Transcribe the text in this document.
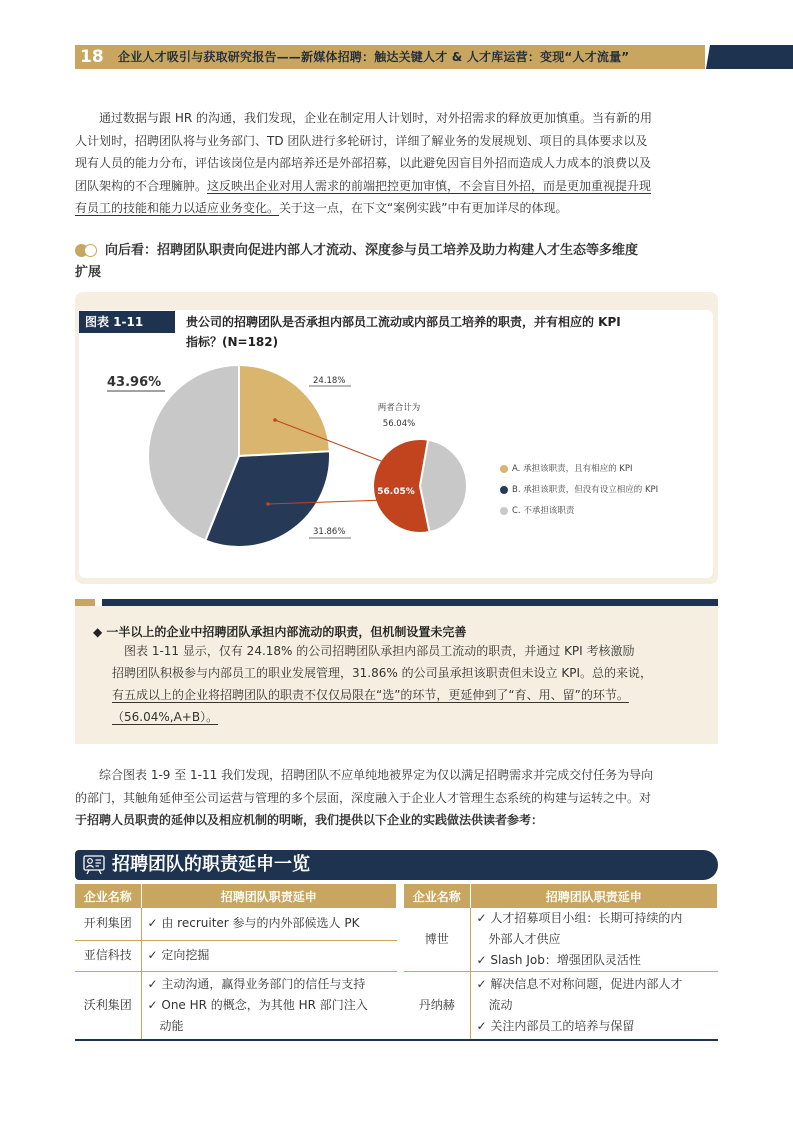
18 企业人才吸引与获取研究报告——新媒体招聘：触达关键人才 & 人才库运营：变现“人才流量”

通过数据与跟 HR 的沟通，我们发现，企业在制定用人计划时，对外招需求的释放更加慎重。当有新的用

人计划时，招聘团队将与业务部门、TD 团队进行多轮研讨，详细了解业务的发展规划、项目的具体要求以及

现有人员的能力分布，评估该岗位是内部培养还是外部招募，以此避免因盲目外招而造成人力成本的浪费以及

团队架构的不合理臃肿。这反映出企业对用人需求的前端把控更加审慎，不会盲目外招，而是更加重视提升现

有员工的技能和能力以适应业务变化。关于这一点，在下文“案例实践”中有更加详尽的体现。

向后看：招聘团队职责向促进内部人才流动、深度参与员工培养及助力构建人才生态等多维度
扩展
图表 1-11	贵公司的招聘团队是否承担内部员工流动或内部员工培养的职责，并有相应的 KPI
指标？(N=182)
43.96%	24.18%
31.86%
两者合计为
56.04%
56.05%
A. 承担该职责，且有相应的 KPI
B. 承担该职责，但没有设立相应的 KPI
C. 不承担该职责
◆ 一半以上的企业中招聘团队承担内部流动的职责，但机制设置未完善

图表 1-11 显示，仅有 24.18% 的公司招聘团队承担内部员工流动的职责，并通过 KPI 考核激励

招聘团队积极参与内部员工的职业发展管理，31.86% 的公司虽承担该职责但未设立 KPI。总的来说，

有五成以上的企业将招聘团队的职责不仅仅局限在“选”的环节，更延伸到了“育、用、留”的环节。

（56.04%,A+B）。

综合图表 1-9 至 1-11 我们发现，招聘团队不应单纯地被界定为仅以满足招聘需求并完成交付任务为导向

的部门，其触角延伸至公司运营与管理的多个层面，深度融入于企业人才管理生态系统的构建与运转之中。对

于招聘人员职责的延伸以及相应机制的明晰，我们提供以下企业的实践做法供读者参考：

招聘团队的职责延申一览
企业名称	招聘团队职责延申
开利集团	✓ 由 recruiter 参与的内外部候选人 PK

亚信科技	✓ 定向挖掘

沃利集团	✓ 主动沟通，赢得业务部门的信任与支持
✓ One HR 的概念，为其他 HR 部门注入
　动能
企业名称	招聘团队职责延申
博世	✓ 人才招募项目小组：长期可持续的内
　外部人才供应
✓ Slash Job：增强团队灵活性

丹纳赫	✓ 解决信息不对称问题，促进内部人才
　流动
✓ 关注内部员工的培养与保留
